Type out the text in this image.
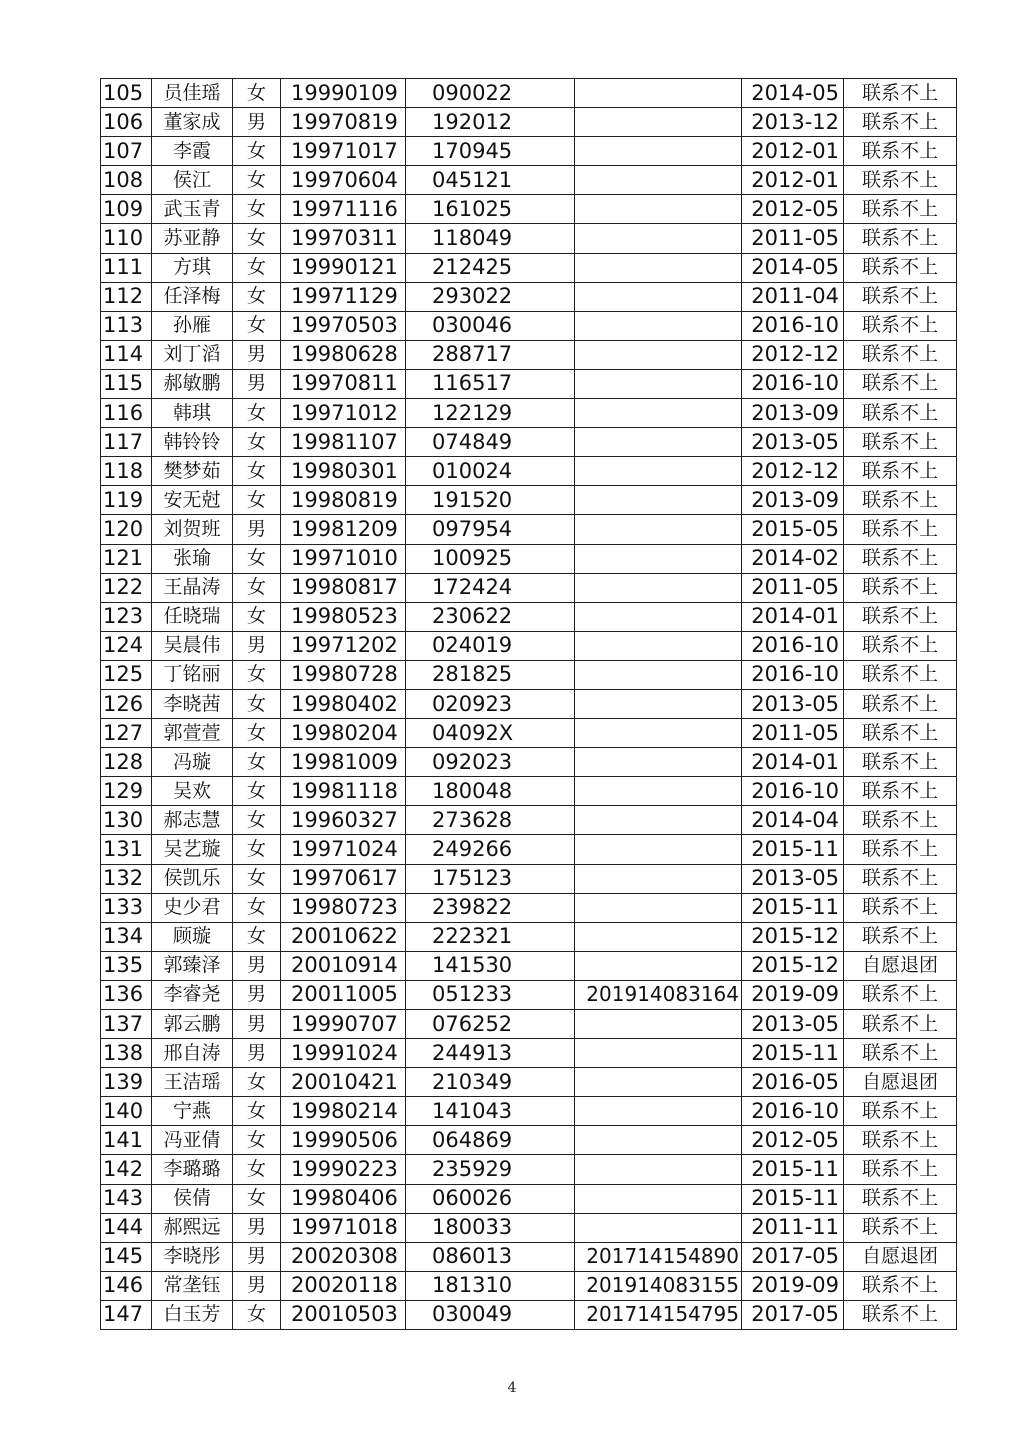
105	员佳瑶	女	19990109	090022		2014-05	联系不上
106	董家成	男	19970819	192012		2013-12	联系不上
107	李霞	女	19971017	170945		2012-01	联系不上
108	侯江	女	19970604	045121		2012-01	联系不上
109	武玉青	女	19971116	161025		2012-05	联系不上
110	苏亚静	女	19970311	118049		2011-05	联系不上
111	方琪	女	19990121	212425		2014-05	联系不上
112	任泽梅	女	19971129	293022		2011-04	联系不上
113	孙雁	女	19970503	030046		2016-10	联系不上
114	刘丁滔	男	19980628	288717		2012-12	联系不上
115	郝敏鹏	男	19970811	116517		2016-10	联系不上
116	韩琪	女	19971012	122129		2013-09	联系不上
117	韩铃铃	女	19981107	074849		2013-05	联系不上
118	樊梦茹	女	19980301	010024		2012-12	联系不上
119	安无尅	女	19980819	191520		2013-09	联系不上
120	刘贺班	男	19981209	097954		2015-05	联系不上
121	张瑜	女	19971010	100925		2014-02	联系不上
122	王晶涛	女	19980817	172424		2011-05	联系不上
123	任晓瑞	女	19980523	230622		2014-01	联系不上
124	吴晨伟	男	19971202	024019		2016-10	联系不上
125	丁铭丽	女	19980728	281825		2016-10	联系不上
126	李晓茜	女	19980402	020923		2013-05	联系不上
127	郭萱萱	女	19980204	04092X		2011-05	联系不上
128	冯璇	女	19981009	092023		2014-01	联系不上
129	吴欢	女	19981118	180048		2016-10	联系不上
130	郝志慧	女	19960327	273628		2014-04	联系不上
131	吴艺璇	女	19971024	249266		2015-11	联系不上
132	侯凯乐	女	19970617	175123		2013-05	联系不上
133	史少君	女	19980723	239822		2015-11	联系不上
134	顾璇	女	20010622	222321		2015-12	联系不上
135	郭臻泽	男	20010914	141530		2015-12	自愿退团
136	李睿尧	男	20011005	051233	201914083164	2019-09	联系不上
137	郭云鹏	男	19990707	076252		2013-05	联系不上
138	邢自涛	男	19991024	244913		2015-11	联系不上
139	王洁瑶	女	20010421	210349		2016-05	自愿退团
140	宁燕	女	19980214	141043		2016-10	联系不上
141	冯亚倩	女	19990506	064869		2012-05	联系不上
142	李璐璐	女	19990223	235929		2015-11	联系不上
143	侯倩	女	19980406	060026		2015-11	联系不上
144	郝熙远	男	19971018	180033		2011-11	联系不上
145	李晓彤	男	20020308	086013	201714154890	2017-05	自愿退团
146	常垄钰	男	20020118	181310	201914083155	2019-09	联系不上
147	白玉芳	女	20010503	030049	201714154795	2017-05	联系不上
4
